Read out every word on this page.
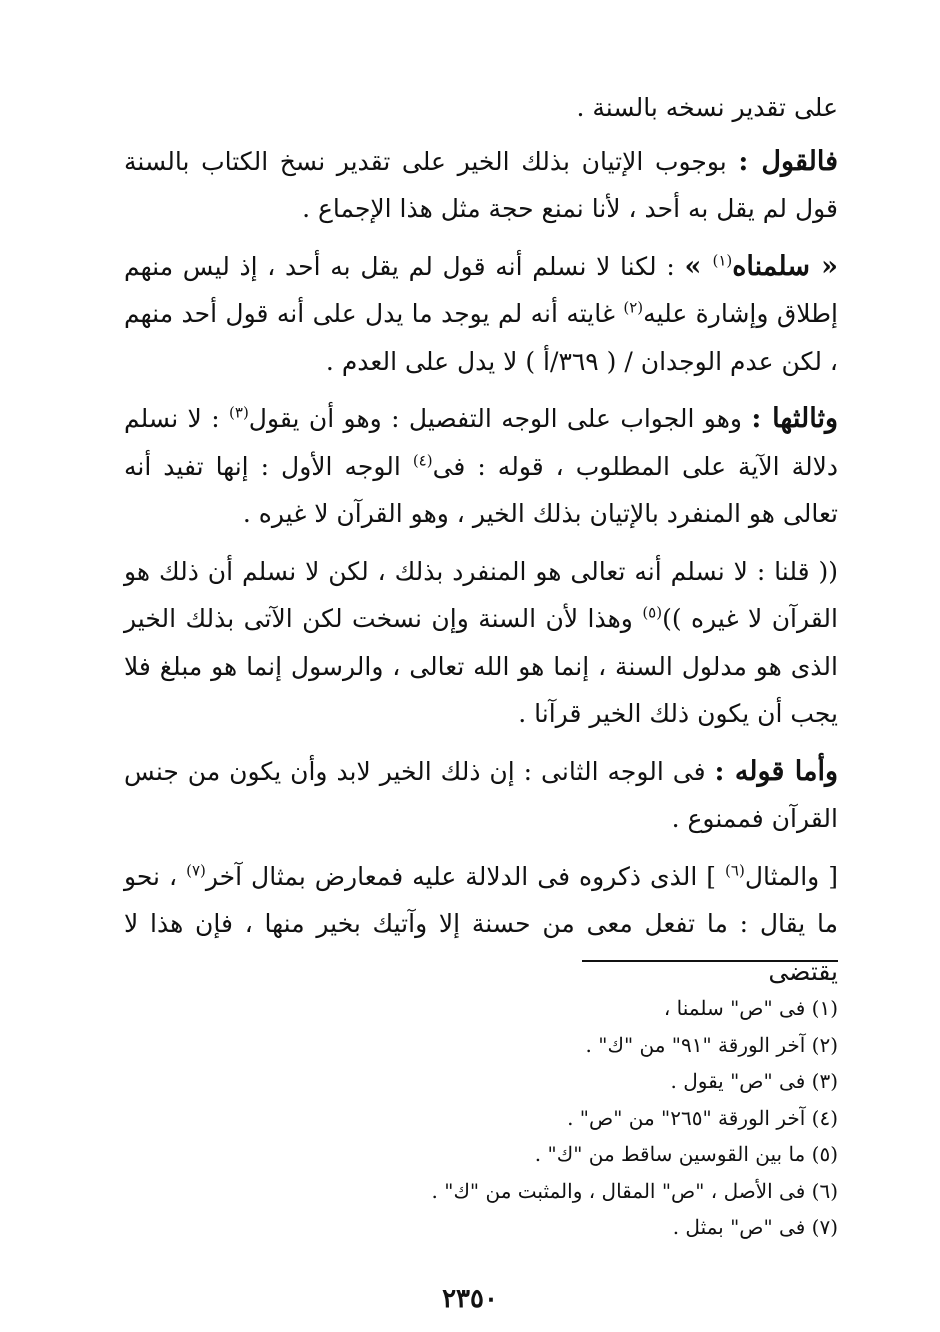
على تقدير نسخه بالسنة .

فالقول : بوجوب الإتيان بذلك الخير على تقدير نسخ الكتاب بالسنة قول لم يقل به أحد ، لأنا نمنع حجة مثل هذا الإجماع .

« سلمناه$^{(١)}$ » : لكنا لا نسلم أنه قول لم يقل به أحد ، إذ ليس منهم إطلاق وإشارة عليه$^{(٢)}$ غايته أنه لم يوجد ما يدل على أنه قول أحد منهم ، لكن عدم الوجدان / ( ٣٦٩/أ ) لا يدل على العدم .

وثالثها : وهو الجواب على الوجه التفصيل : وهو أن يقول$^{(٣)}$ : لا نسلم دلالة الآية على المطلوب ، قوله : فى$^{(٤)}$ الوجه الأول : إنها تفيد أنه تعالى هو المنفرد بالإتيان بذلك الخير ، وهو القرآن لا غيره .

(( قلنا : لا نسلم أنه تعالى هو المنفرد بذلك ، لكن لا نسلم أن ذلك هو القرآن لا غيره ))$^{(٥)}$ وهذا لأن السنة وإن نسخت لكن الآتى بذلك الخير الذى هو مدلول السنة ، إنما هو الله تعالى ، والرسول إنما هو مبلغ فلا يجب أن يكون ذلك الخير قرآنا .

وأما قوله : فى الوجه الثانى : إن ذلك الخير لابد وأن يكون من جنس القرآن فممنوع .

[ والمثال$^{(٦)}$ ] الذى ذكروه فى الدلالة عليه فمعارض بمثال آخر$^{(٧)}$ ، نحو ما يقال : ما تفعل معى من حسنة إلا وآتيك بخير منها ، فإن هذا لا يقتضى

(١) فى "ص" سلمنا ،
(٢) آخر الورقة "٩١" من "ك" .
(٣) فى "ص" يقول .
(٤) آخر الورقة "٢٦٥" من "ص" .
(٥) ما بين القوسين ساقط من "ك" .
(٦) فى الأصل ، "ص" المقال ، والمثبت من "ك" .
(٧) فى "ص" بمثل .
٢٣٥٠
